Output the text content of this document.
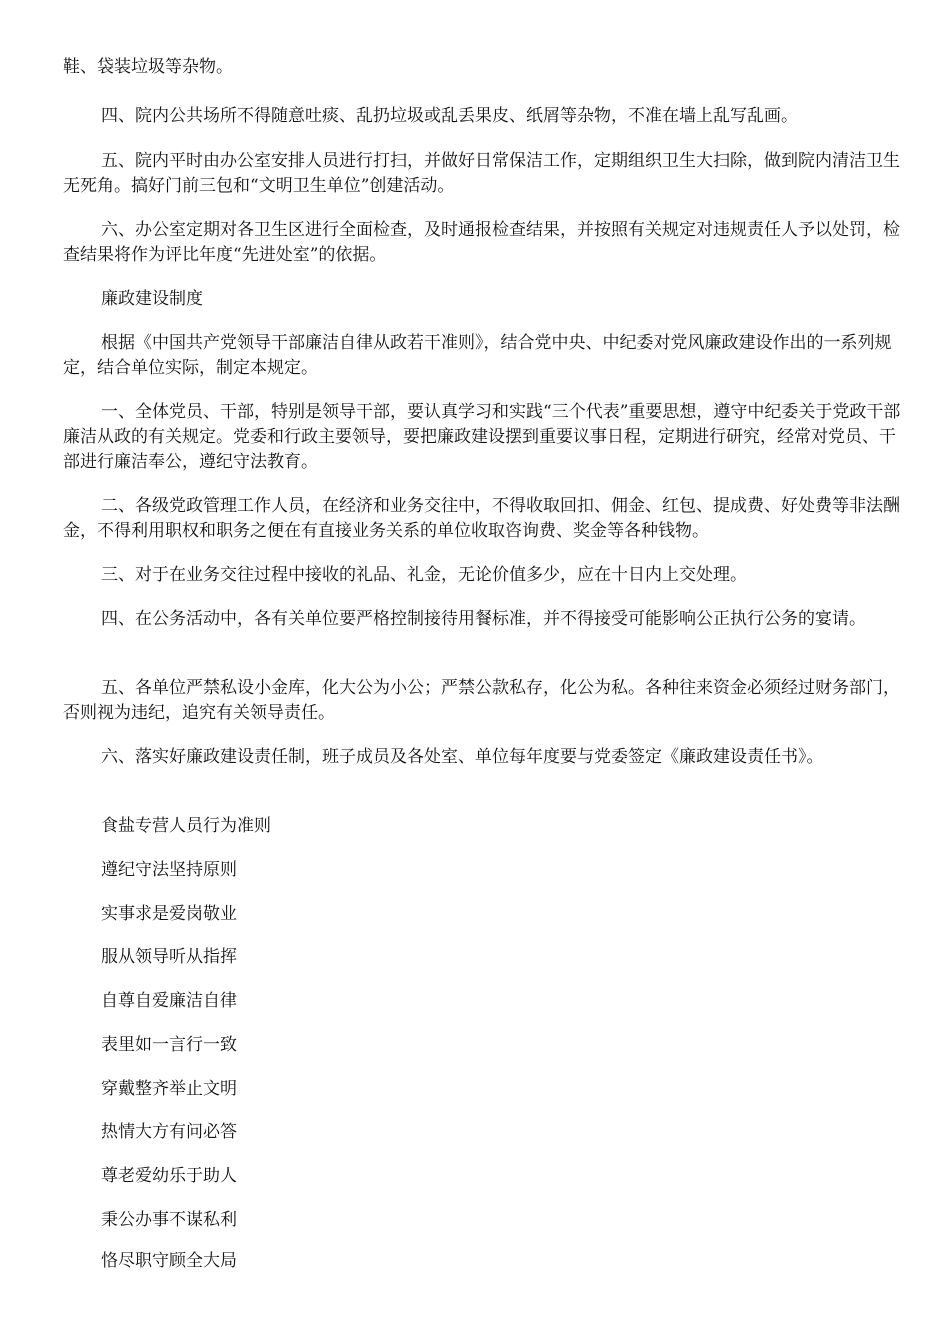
鞋、袋装垃圾等杂物。

四、院内公共场所不得随意吐痰、乱扔垃圾或乱丢果皮、纸屑等杂物，不准在墙上乱写乱画。

五、院内平时由办公室安排人员进行打扫，并做好日常保洁工作，定期组织卫生大扫除，做到院内清洁卫生无死角。搞好门前三包和“文明卫生单位”创建活动。

六、办公室定期对各卫生区进行全面检查，及时通报检查结果，并按照有关规定对违规责任人予以处罚，检查结果将作为评比年度“先进处室”的依据。

廉政建设制度

根据《中国共产党领导干部廉洁自律从政若干准则》，结合党中央、中纪委对党风廉政建设作出的一系列规定，结合单位实际，制定本规定。

一、全体党员、干部，特别是领导干部，要认真学习和实践“三个代表”重要思想，遵守中纪委关于党政干部廉洁从政的有关规定。党委和行政主要领导，要把廉政建设摆到重要议事日程，定期进行研究，经常对党员、干部进行廉洁奉公，遵纪守法教育。

二、各级党政管理工作人员，在经济和业务交往中，不得收取回扣、佣金、红包、提成费、好处费等非法酬金，不得利用职权和职务之便在有直接业务关系的单位收取咨询费、奖金等各种钱物。

三、对于在业务交往过程中接收的礼品、礼金，无论价值多少，应在十日内上交处理。

四、在公务活动中，各有关单位要严格控制接待用餐标准，并不得接受可能影响公正执行公务的宴请。

五、各单位严禁私设小金库，化大公为小公；严禁公款私存，化公为私。各种往来资金必须经过财务部门，否则视为违纪，追究有关领导责任。

六、落实好廉政建设责任制，班子成员及各处室、单位每年度要与党委签定《廉政建设责任书》。

食盐专营人员行为准则

遵纪守法坚持原则

实事求是爱岗敬业

服从领导听从指挥

自尊自爱廉洁自律

表里如一言行一致

穿戴整齐举止文明

热情大方有问必答

尊老爱幼乐于助人

秉公办事不谋私利

恪尽职守顾全大局
